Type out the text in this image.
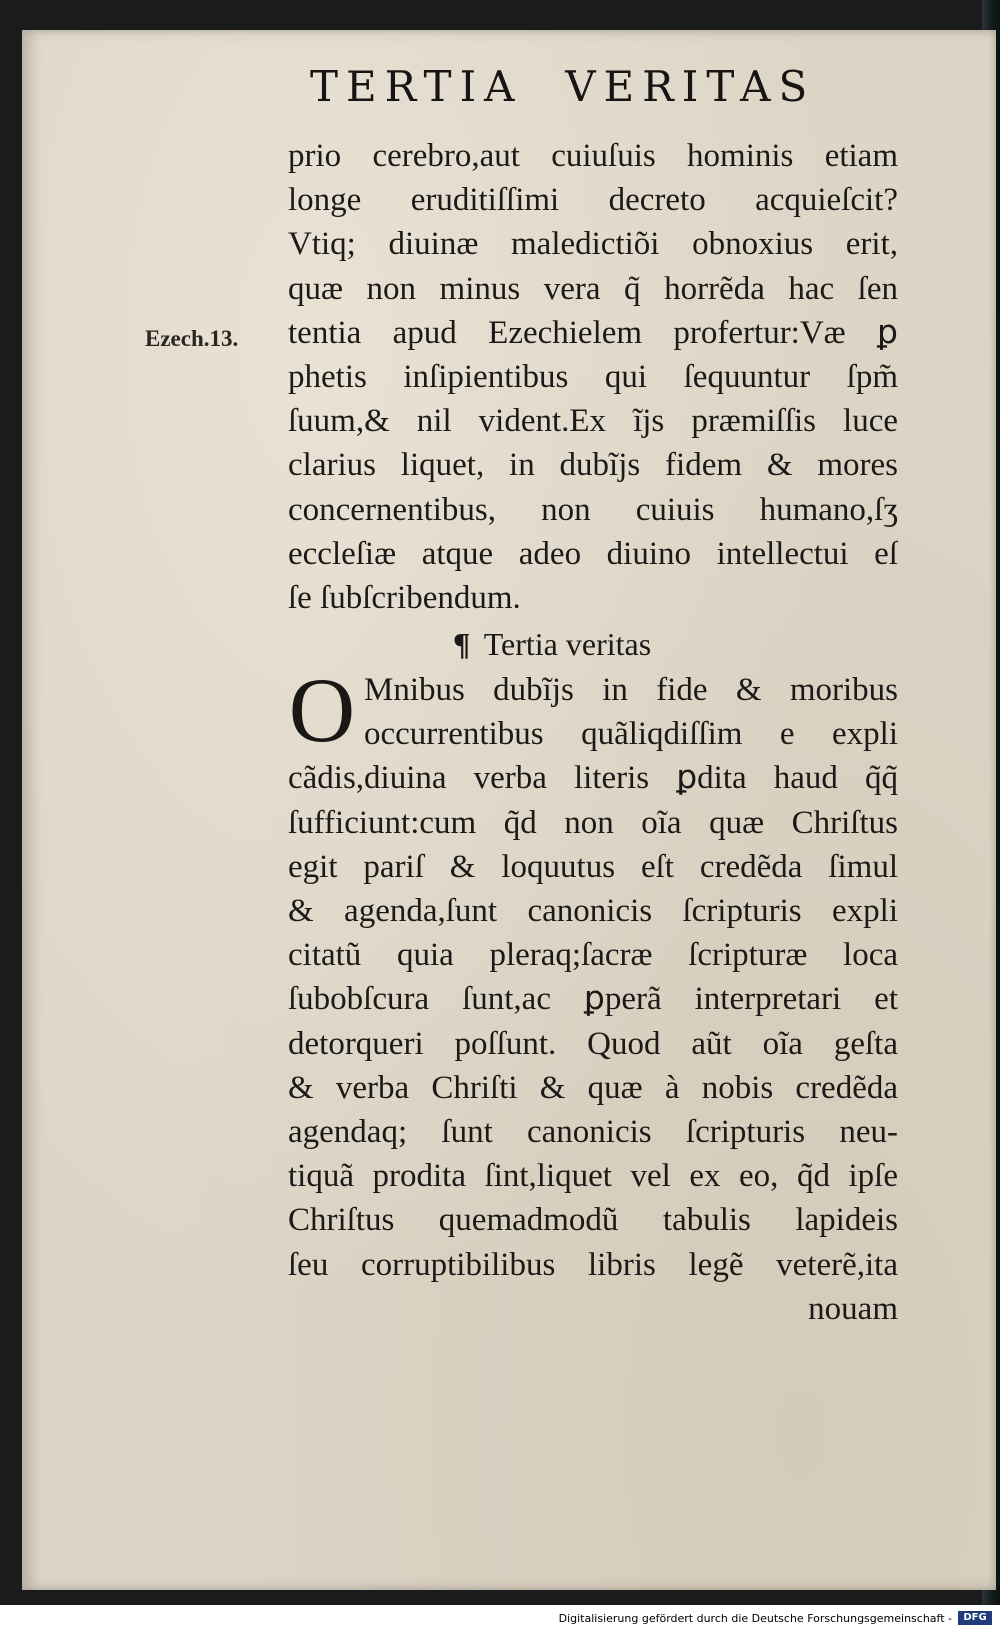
TERTIA  VERITAS
Ezech.13.
prio cerebro,aut cuiuſuis hominis etiam
longe eruditiſſimi decreto acquieſcit?
Vtiq; diuinæ maledictiõi obnoxius erit,
quæ non minus vera q̃ horrẽda hac ſen
tentia apud Ezechielem profertur:Væ ꝑ
phetis inſipientibus qui ſequuntur ſpm̃
ſuum,& nil vident.Ex ĩjs præmiſſis luce
clarius liquet, in dubĩjs fidem & mores
concernentibus, non cuiuis humano,ſʒ
eccleſiæ atque adeo diuino intellectui eſ
ſe ſubſcribendum.
¶ Tertia veritas
O Mnibus dubĩjs in fide & moribus
occurrentibus quãliqdiſſim e expli
cãdis,diuina verba literis ꝑdita haud q̃q̃
ſufficiunt:cum q̃d non oĩa quæ Chriſtus
egit pariſ & loquutus eſt credẽda ſimul
& agenda,ſunt canonicis ſcripturis expli
citatũ quia pleraq;ſacræ ſcripturæ loca
ſubobſcura ſunt,ac ꝑperã interpretari et
detorqueri poſſunt. Quod aũt oĩa geſta
& verba Chriſti & quæ à nobis credẽda
agendaq; ſunt canonicis ſcripturis neu-
tiquã prodita ſint,liquet vel ex eo, q̃d ipſe
Chriſtus quemadmodũ tabulis lapideis
ſeu corruptibilibus libris legẽ veterẽ,ita
nouam
Digitalisierung gefördert durch die Deutsche Forschungsgemeinschaft -	DFG
